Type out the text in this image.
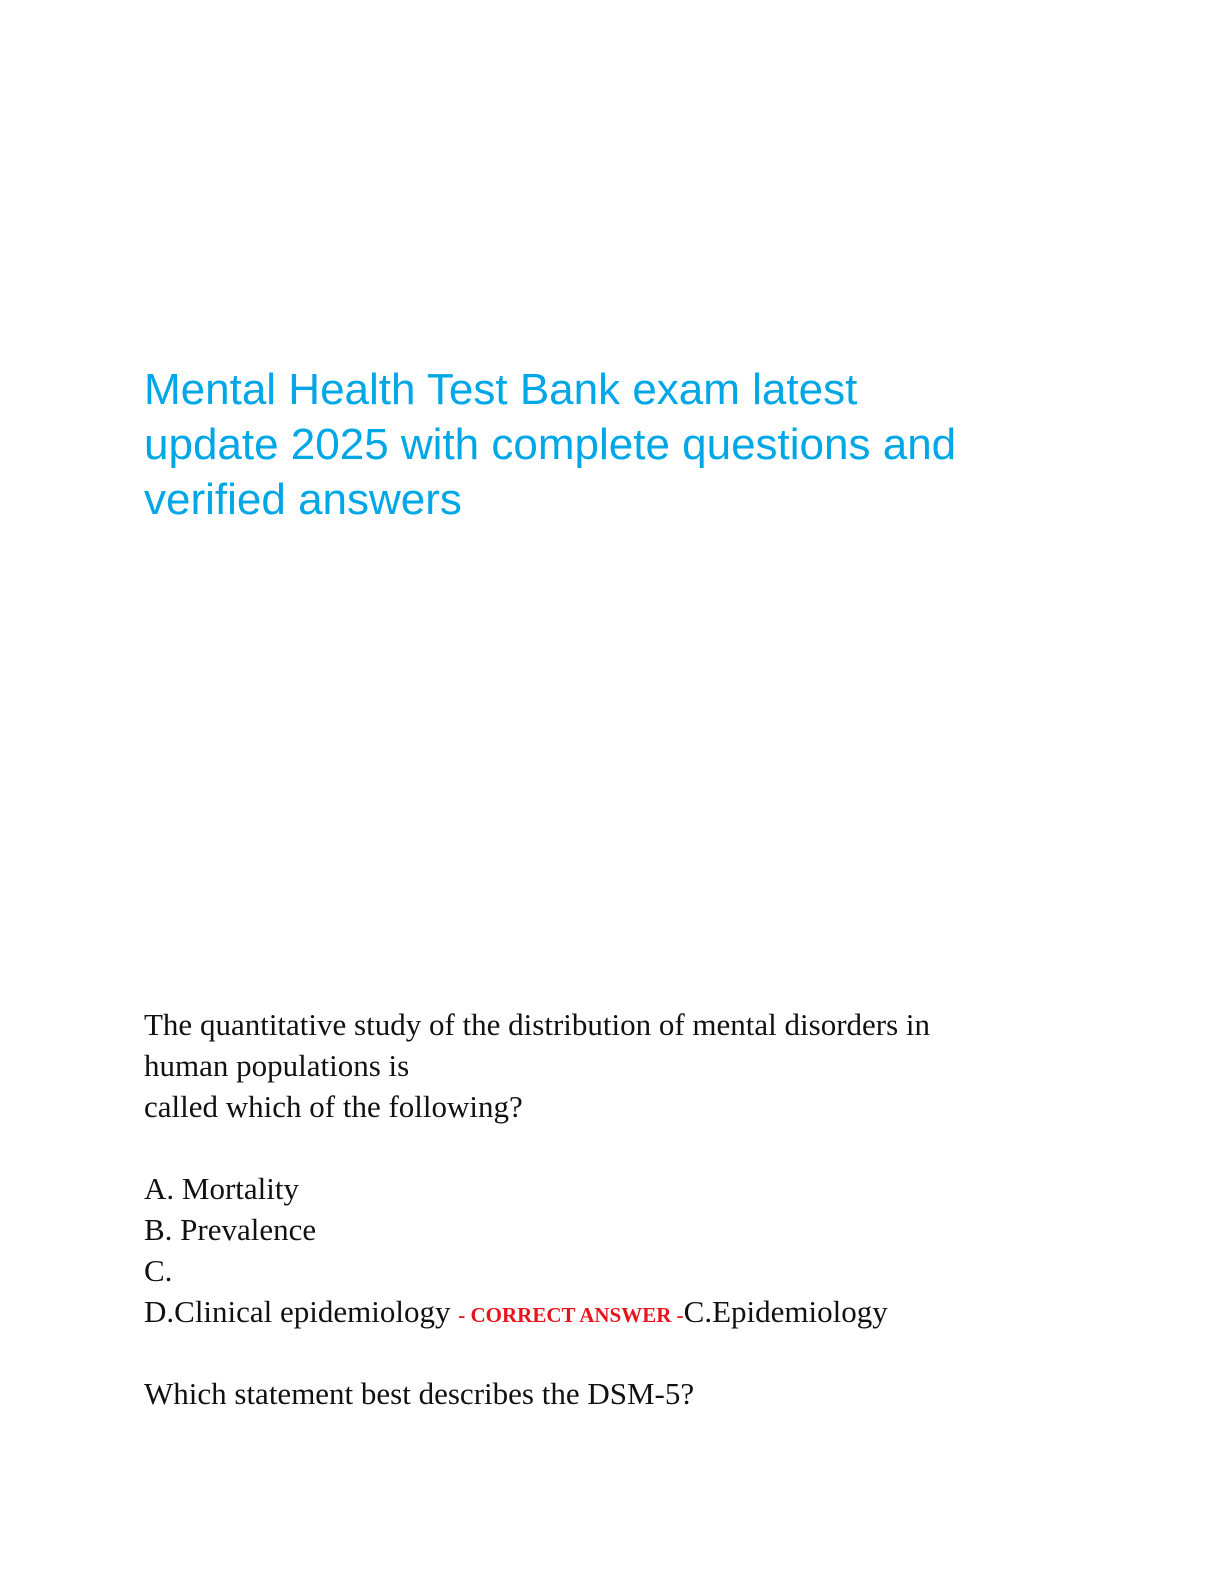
Mental Health Test Bank exam latest
update 2025 with complete questions and
verified answers
The quantitative study of the distribution of mental disorders in
human populations is
called which of the following?
A. Mortality
B. Prevalence
C.
D.Clinical epidemiology - CORRECT ANSWER -C.Epidemiology
Which statement best describes the DSM-5?
